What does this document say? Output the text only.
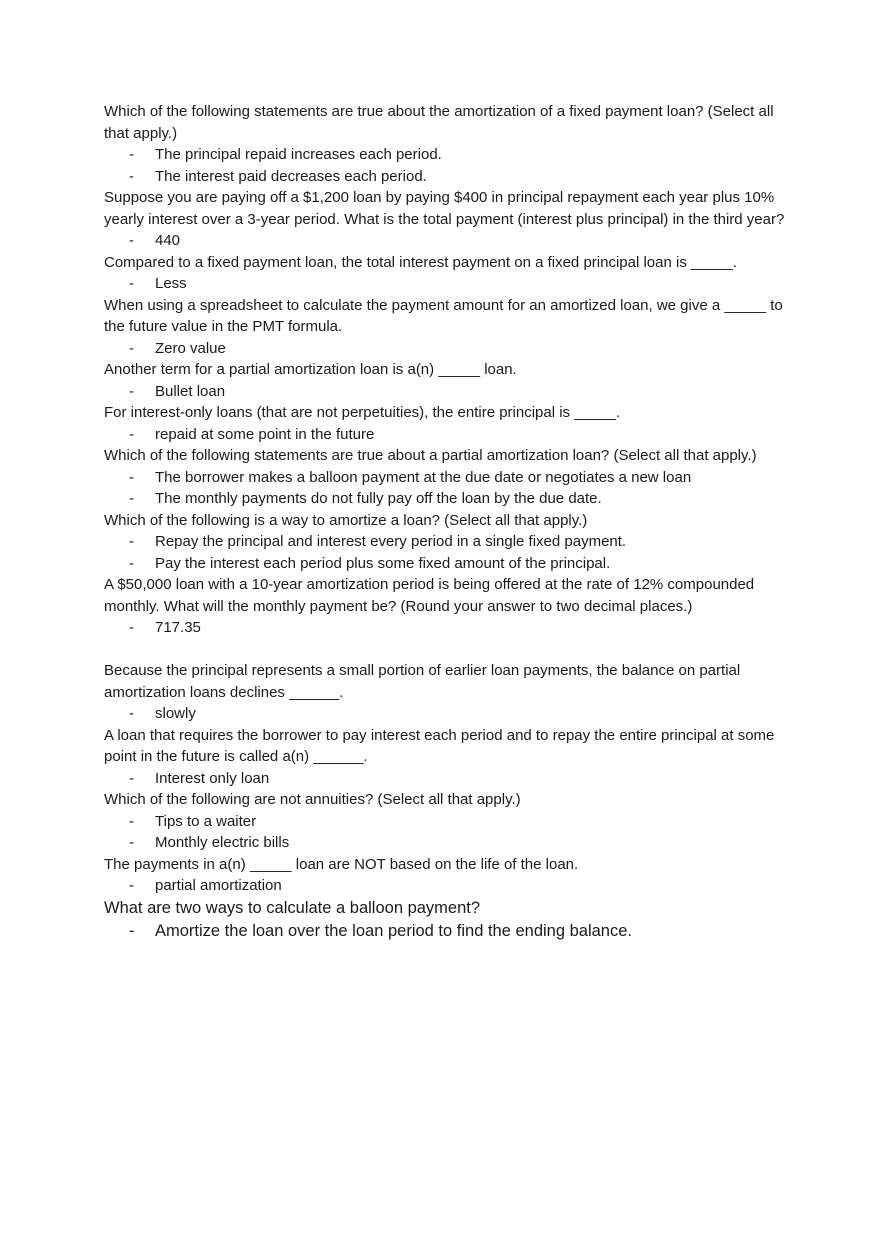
Which of the following statements are true about the amortization of a fixed payment loan? (Select all that apply.)

- The principal repaid increases each period.
- The interest paid decreases each period.

Suppose you are paying off a $1,200 loan by paying $400 in principal repayment each year plus 10% yearly interest over a 3-year period. What is the total payment (interest plus principal) in the third year?

- 440

Compared to a fixed payment loan, the total interest payment on a fixed principal loan is _____.

- Less

When using a spreadsheet to calculate the payment amount for an amortized loan, we give a _____ to the future value in the PMT formula.

- Zero value

Another term for a partial amortization loan is a(n) _____ loan.

- Bullet loan

For interest-only loans (that are not perpetuities), the entire principal is _____.

- repaid at some point in the future

Which of the following statements are true about a partial amortization loan? (Select all that apply.)

- The borrower makes a balloon payment at the due date or negotiates a new loan
- The monthly payments do not fully pay off the loan by the due date.

Which of the following is a way to amortize a loan? (Select all that apply.)

- Repay the principal and interest every period in a single fixed payment.
- Pay the interest each period plus some fixed amount of the principal.

A $50,000 loan with a 10-year amortization period is being offered at the rate of 12% compounded monthly. What will the monthly payment be? (Round your answer to two decimal places.)

- 717.35

Because the principal represents a small portion of earlier loan payments, the balance on partial amortization loans declines ______.

- slowly

A loan that requires the borrower to pay interest each period and to repay the entire principal at some point in the future is called a(n) ______.

- Interest only loan

Which of the following are not annuities? (Select all that apply.)

- Tips to a waiter
- Monthly electric bills

The payments in a(n) _____ loan are NOT based on the life of the loan.

- partial amortization

What are two ways to calculate a balloon payment?

- Amortize the loan over the loan period to find the ending balance.
